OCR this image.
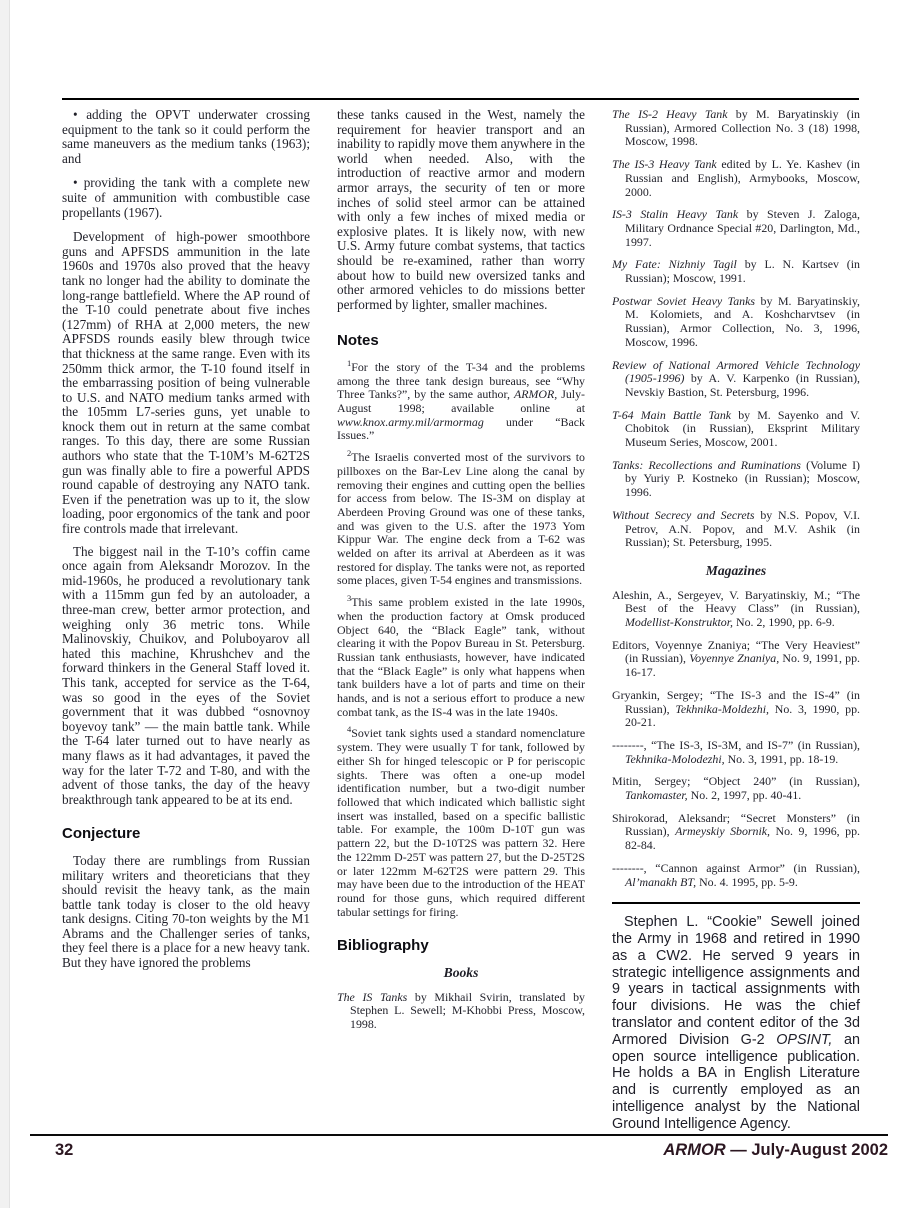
• adding the OPVT underwater crossing equipment to the tank so it could perform the same maneuvers as the medium tanks (1963); and

• providing the tank with a complete new suite of ammunition with combustible case propellants (1967).

Development of high-power smoothbore guns and APFSDS ammunition in the late 1960s and 1970s also proved that the heavy tank no longer had the ability to dominate the long-range battlefield. Where the AP round of the T-10 could penetrate about five inches (127mm) of RHA at 2,000 meters, the new APFSDS rounds easily blew through twice that thickness at the same range. Even with its 250mm thick armor, the T-10 found itself in the embarrassing position of being vulnerable to U.S. and NATO medium tanks armed with the 105mm L7-series guns, yet unable to knock them out in return at the same combat ranges. To this day, there are some Russian authors who state that the T-10M’s M-62T2S gun was finally able to fire a powerful APDS round capable of destroying any NATO tank. Even if the penetration was up to it, the slow loading, poor ergonomics of the tank and poor fire controls made that irrelevant.

The biggest nail in the T-10’s coffin came once again from Aleksandr Morozov. In the mid-1960s, he produced a revolutionary tank with a 115mm gun fed by an autoloader, a three-man crew, better armor protection, and weighing only 36 metric tons. While Malinovskiy, Chuikov, and Poluboyarov all hated this machine, Khrushchev and the forward thinkers in the General Staff loved it. This tank, accepted for service as the T-64, was so good in the eyes of the Soviet government that it was dubbed “osnovnoy boyevoy tank” — the main battle tank. While the T-64 later turned out to have nearly as many flaws as it had advantages, it paved the way for the later T-72 and T-80, and with the advent of those tanks, the day of the heavy breakthrough tank appeared to be at its end.

Conjecture

Today there are rumblings from Russian military writers and theoreticians that they should revisit the heavy tank, as the main battle tank today is closer to the old heavy tank designs. Citing 70-ton weights by the M1 Abrams and the Challenger series of tanks, they feel there is a place for a new heavy tank. But they have ignored the problems

these tanks caused in the West, namely the requirement for heavier transport and an inability to rapidly move them anywhere in the world when needed. Also, with the introduction of reactive armor and modern armor arrays, the security of ten or more inches of solid steel armor can be attained with only a few inches of mixed media or explosive plates. It is likely now, with new U.S. Army future combat systems, that tactics should be re-examined, rather than worry about how to build new oversized tanks and other armored vehicles to do missions better performed by lighter, smaller machines.

Notes
$^1$For the story of the T-34 and the problems among the three tank design bureaus, see “Why Three Tanks?”, by the same author, ARMOR, July-August 1998; available online at www.knox.army.mil/armormag under “Back Issues.”
$^2$The Israelis converted most of the survivors to pillboxes on the Bar-Lev Line along the canal by removing their engines and cutting open the bellies for access from below. The IS-3M on display at Aberdeen Proving Ground was one of these tanks, and was given to the U.S. after the 1973 Yom Kippur War. The engine deck from a T-62 was welded on after its arrival at Aberdeen as it was restored for display. The tanks were not, as reported some places, given T-54 engines and transmissions.
$^3$This same problem existed in the late 1990s, when the production factory at Omsk produced Object 640, the “Black Eagle” tank, without clearing it with the Popov Bureau in St. Petersburg. Russian tank enthusiasts, however, have indicated that the “Black Eagle” is only what happens when tank builders have a lot of parts and time on their hands, and is not a serious effort to produce a new combat tank, as the IS-4 was in the late 1940s.
$^4$Soviet tank sights used a standard nomenclature system. They were usually T for tank, followed by either Sh for hinged telescopic or P for periscopic sights. There was often a one-up model identification number, but a two-digit number followed that which indicated which ballistic sight insert was installed, based on a specific ballistic table. For example, the 100m D-10T gun was pattern 22, but the D-10T2S was pattern 32. Here the 122mm D-25T was pattern 27, but the D-25T2S or later 122mm M-62T2S were pattern 29. This may have been due to the introduction of the HEAT round for those guns, which required different tabular settings for firing.
Bibliography
Books
The IS Tanks by Mikhail Svirin, translated by Stephen L. Sewell; M-Khobbi Press, Moscow, 1998.
The IS-2 Heavy Tank by M. Baryatinskiy (in Russian), Armored Collection No. 3 (18) 1998, Moscow, 1998.
The IS-3 Heavy Tank edited by L. Ye. Kashev (in Russian and English), Armybooks, Moscow, 2000.
IS-3 Stalin Heavy Tank by Steven J. Zaloga, Military Ordnance Special #20, Darlington, Md., 1997.
My Fate: Nizhniy Tagil by L. N. Kartsev (in Russian); Moscow, 1991.
Postwar Soviet Heavy Tanks by M. Baryatinskiy, M. Kolomiets, and A. Koshcharvtsev (in Russian), Armor Collection, No. 3, 1996, Moscow, 1996.
Review of National Armored Vehicle Technology (1905-1996) by A. V. Karpenko (in Russian), Nevskiy Bastion, St. Petersburg, 1996.
T-64 Main Battle Tank by M. Sayenko and V. Chobitok (in Russian), Eksprint Military Museum Series, Moscow, 2001.
Tanks: Recollections and Ruminations (Volume I) by Yuriy P. Kostneko (in Russian); Moscow, 1996.
Without Secrecy and Secrets by N.S. Popov, V.I. Petrov, A.N. Popov, and M.V. Ashik (in Russian); St. Petersburg, 1995.
Magazines
Aleshin, A., Sergeyev, V. Baryatinskiy, M.; “The Best of the Heavy Class” (in Russian), Modellist-Konstruktor, No. 2, 1990, pp. 6-9.
Editors, Voyennye Znaniya; “The Very Heaviest” (in Russian), Voyennye Znaniya, No. 9, 1991, pp. 16-17.
Gryankin, Sergey; “The IS-3 and the IS-4” (in Russian), Tekhnika-Moldezhi, No. 3, 1990, pp. 20-21.
--------, “The IS-3, IS-3M, and IS-7” (in Russian), Tekhnika-Molodezhi, No. 3, 1991, pp. 18-19.
Mitin, Sergey; “Object 240” (in Russian), Tankomaster, No. 2, 1997, pp. 40-41.
Shirokorad, Aleksandr; “Secret Monsters” (in Russian), Armeyskiy Sbornik, No. 9, 1996, pp. 82-84.
--------, “Cannon against Armor” (in Russian), Al’manakh BT, No. 4. 1995, pp. 5-9.

Stephen L. “Cookie” Sewell joined the Army in 1968 and retired in 1990 as a CW2. He served 9 years in strategic intelligence assignments and 9 years in tactical assignments with four divisions. He was the chief translator and content editor of the 3d Armored Division G-2 OPSINT, an open source intelligence publication. He holds a BA in English Literature and is currently employed as an intelligence analyst by the National Ground Intelligence Agency.

32	ARMOR — July-August 2002
